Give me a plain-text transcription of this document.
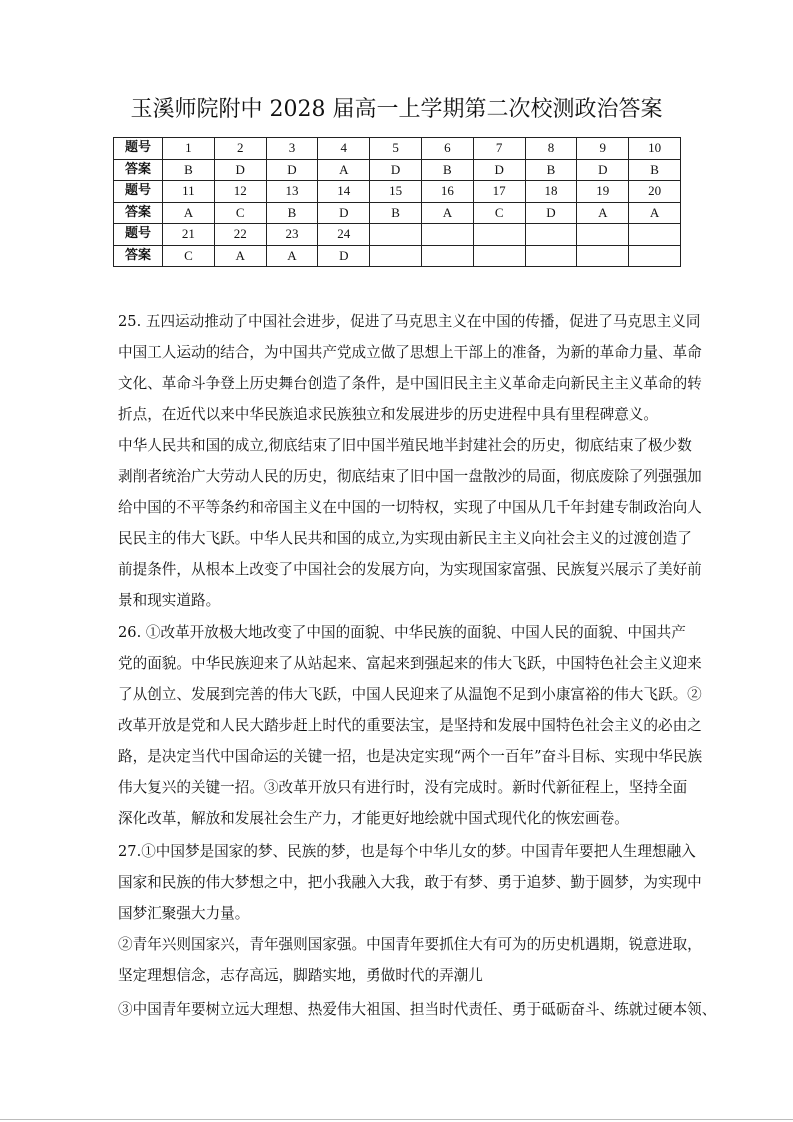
玉溪师院附中 2028 届高一上学期第二次校测政治答案
题号	1	2	3	4	5	6	7	8	9	10
答案	B	D	D	A	D	B	D	B	D	B
题号	11	12	13	14	15	16	17	18	19	20
答案	A	C	B	D	B	A	C	D	A	A
题号	21	22	23	24						
答案	C	A	A	D						
25. 五四运动推动了中国社会进步，促进了马克思主义在中国的传播，促进了马克思主义同
中国工人运动的结合，为中国共产党成立做了思想上干部上的准备，为新的革命力量、革命
文化、革命斗争登上历史舞台创造了条件，是中国旧民主主义革命走向新民主主义革命的转
折点，在近代以来中华民族追求民族独立和发展进步的历史进程中具有里程碑意义。
中华人民共和国的成立,彻底结束了旧中国半殖民地半封建社会的历史，彻底结束了极少数
剥削者统治广大劳动人民的历史，彻底结束了旧中国一盘散沙的局面，彻底废除了列强强加
给中国的不平等条约和帝国主义在中国的一切特权，实现了中国从几千年封建专制政治向人
民民主的伟大飞跃。中华人民共和国的成立,为实现由新民主主义向社会主义的过渡创造了
前提条件，从根本上改变了中国社会的发展方向，为实现国家富强、民族复兴展示了美好前
景和现实道路。
26. ①改革开放极大地改变了中国的面貌、中华民族的面貌、中国人民的面貌、中国共产
党的面貌。中华民族迎来了从站起来、富起来到强起来的伟大飞跃，中国特色社会主义迎来
了从创立、发展到完善的伟大飞跃，中国人民迎来了从温饱不足到小康富裕的伟大飞跃。②
改革开放是党和人民大踏步赶上时代的重要法宝，是坚持和发展中国特色社会主义的必由之
路，是决定当代中国命运的关键一招，也是决定实现“两个一百年”奋斗目标、实现中华民族
伟大复兴的关键一招。③改革开放只有进行时，没有完成时。新时代新征程上，坚持全面
深化改革，解放和发展社会生产力，才能更好地绘就中国式现代化的恢宏画卷。
27.①中国梦是国家的梦、民族的梦，也是每个中华儿女的梦。中国青年要把人生理想融入
国家和民族的伟大梦想之中，把小我融入大我，敢于有梦、勇于追梦、勤于圆梦，为实现中
国梦汇聚强大力量。
②青年兴则国家兴，青年强则国家强。中国青年要抓住大有可为的历史机遇期，锐意进取，
坚定理想信念，志存高远，脚踏实地，勇做时代的弄潮儿
③中国青年要树立远大理想、热爱伟大祖国、担当时代责任、勇于砥砺奋斗、练就过硬本领、
